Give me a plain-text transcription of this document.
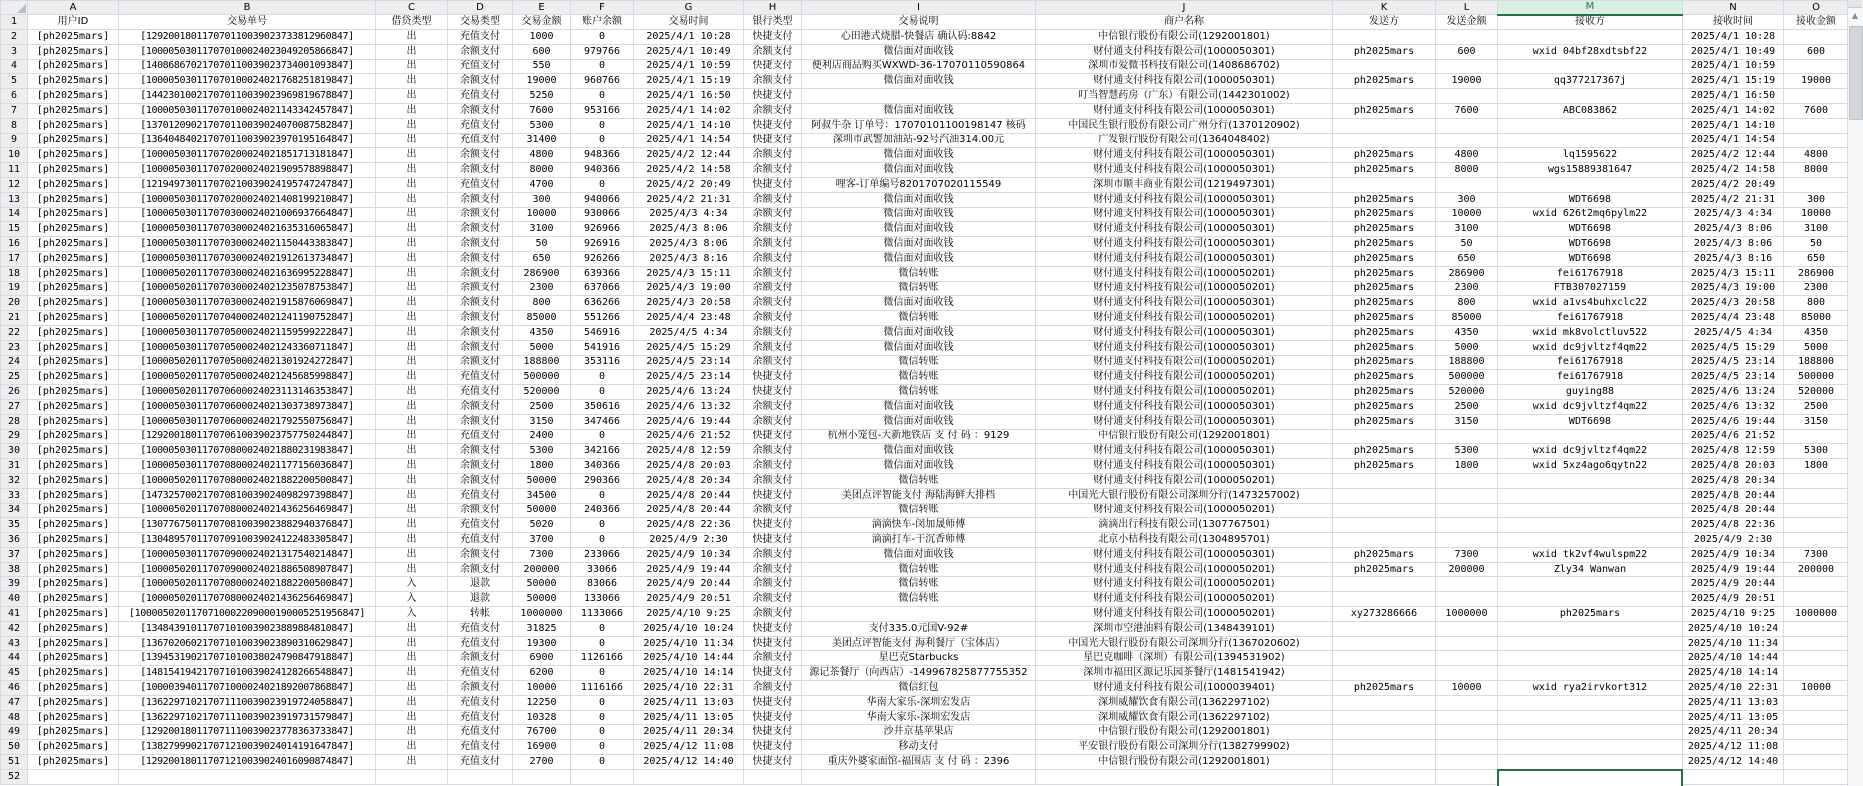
	A	B	C	D	E	F	G	H	I	J	K	L	M	N	O
1	用户ID	交易单号	借贷类型	交易类型	交易金额	账户余额	交易时间	银行类型	交易说明	商户名称	发送方	发送金额	接收方	接收时间	接收金额
2	[ph2025mars]	[129200180117070110039023733812960847]	出	充值支付	1000	0	2025/4/1 10:28	快捷支付	心田港式烧腊-快餐店 确认码:8842	中信银行股份有限公司(1292001801)				2025/4/1 10:28	
3	[ph2025mars]	[100005030117070100024023049205866847]	出	余额支付	600	979766	2025/4/1 10:49	余额支付	微信面对面收钱	财付通支付科技有限公司(1000050301)	ph2025mars	600	wxid 04bf28xdtsbf22	2025/4/1 10:49	600
4	[ph2025mars]	[140868670217070110039023734001093847]	出	充值支付	550	0	2025/4/1 10:59	快捷支付	便利店商品购买WXWD-36-17070110590864	深圳市爱微书科技有限公司(1408686702)				2025/4/1 10:59	
5	[ph2025mars]	[100005030117070100024021768251819847]	出	余额支付	19000	960766	2025/4/1 15:19	余额支付	微信面对面收钱	财付通支付科技有限公司(1000050301)	ph2025mars	19000	qq377217367j	2025/4/1 15:19	19000
6	[ph2025mars]	[144230100217070110039023969819678847]	出	充值支付	5250	0	2025/4/1 16:50	快捷支付		叮当智慧药房（广东）有限公司(1442301002)				2025/4/1 16:50	
7	[ph2025mars]	[100005030117070100024021143342457847]	出	余额支付	7600	953166	2025/4/1 14:02	余额支付	微信面对面收钱	财付通支付科技有限公司(1000050301)	ph2025mars	7600	ABC083862	2025/4/1 14:02	7600
8	[ph2025mars]	[137012090217070110039024070087582847]	出	充值支付	5300	0	2025/4/1 14:10	快捷支付	阿叔牛杂 订单号：17070101100198147 核码	中国民生银行股份有限公司广州分行(1370120902)				2025/4/1 14:10	
9	[ph2025mars]	[136404840217070110039023970195164847]	出	充值支付	31400	0	2025/4/1 14:54	快捷支付	深圳市武警加油站-92号汽油314.00元	广发银行股份有限公司(1364048402)				2025/4/1 14:54	
10	[ph2025mars]	[100005030117070200024021851713181847]	出	余额支付	4800	948366	2025/4/2 12:44	余额支付	微信面对面收钱	财付通支付科技有限公司(1000050301)	ph2025mars	4800	lq1595622	2025/4/2 12:44	4800
11	[ph2025mars]	[100005030117070200024021909578898847]	出	余额支付	8000	940366	2025/4/2 14:58	余额支付	微信面对面收钱	财付通支付科技有限公司(1000050301)	ph2025mars	8000	wgs15889381647	2025/4/2 14:58	8000
12	[ph2025mars]	[121949730117070210039024195747247847]	出	充值支付	4700	0	2025/4/2 20:49	快捷支付	哩客-订单编号8201707020115549	深圳市顺丰商业有限公司(1219497301)				2025/4/2 20:49	
13	[ph2025mars]	[100005030117070200024021408199210847]	出	余额支付	300	940066	2025/4/2 21:31	余额支付	微信面对面收钱	财付通支付科技有限公司(1000050301)	ph2025mars	300	WDT6698	2025/4/2 21:31	300
14	[ph2025mars]	[100005030117070300024021006937664847]	出	余额支付	10000	930066	2025/4/3 4:34	余额支付	微信面对面收钱	财付通支付科技有限公司(1000050301)	ph2025mars	10000	wxid 626t2mq6pylm22	2025/4/3 4:34	10000
15	[ph2025mars]	[100005030117070300024021635316065847]	出	余额支付	3100	926966	2025/4/3 8:06	余额支付	微信面对面收钱	财付通支付科技有限公司(1000050301)	ph2025mars	3100	WDT6698	2025/4/3 8:06	3100
16	[ph2025mars]	[100005030117070300024021150443383847]	出	余额支付	50	926916	2025/4/3 8:06	余额支付	微信面对面收钱	财付通支付科技有限公司(1000050301)	ph2025mars	50	WDT6698	2025/4/3 8:06	50
17	[ph2025mars]	[100005030117070300024021912613734847]	出	余额支付	650	926266	2025/4/3 8:16	余额支付	微信面对面收钱	财付通支付科技有限公司(1000050301)	ph2025mars	650	WDT6698	2025/4/3 8:16	650
18	[ph2025mars]	[100005020117070300024021636995228847]	出	余额支付	286900	639366	2025/4/3 15:11	余额支付	微信转账	财付通支付科技有限公司(1000050201)	ph2025mars	286900	fei61767918	2025/4/3 15:11	286900
19	[ph2025mars]	[100005020117070300024021235078753847]	出	余额支付	2300	637066	2025/4/3 19:00	余额支付	微信转账	财付通支付科技有限公司(1000050201)	ph2025mars	2300	FTB307027159	2025/4/3 19:00	2300
20	[ph2025mars]	[100005030117070300024021915876069847]	出	余额支付	800	636266	2025/4/3 20:58	余额支付	微信面对面收钱	财付通支付科技有限公司(1000050301)	ph2025mars	800	wxid a1vs4buhxclc22	2025/4/3 20:58	800
21	[ph2025mars]	[100005020117070400024021241190752847]	出	余额支付	85000	551266	2025/4/4 23:48	余额支付	微信转账	财付通支付科技有限公司(1000050201)	ph2025mars	85000	fei61767918	2025/4/4 23:48	85000
22	[ph2025mars]	[100005030117070500024021159599222847]	出	余额支付	4350	546916	2025/4/5 4:34	余额支付	微信面对面收钱	财付通支付科技有限公司(1000050301)	ph2025mars	4350	wxid mk8volctluv522	2025/4/5 4:34	4350
23	[ph2025mars]	[100005030117070500024021243360711847]	出	余额支付	5000	541916	2025/4/5 15:29	余额支付	微信面对面收钱	财付通支付科技有限公司(1000050301)	ph2025mars	5000	wxid dc9jvltzf4qm22	2025/4/5 15:29	5000
24	[ph2025mars]	[100005020117070500024021301924272847]	出	余额支付	188800	353116	2025/4/5 23:14	余额支付	微信转账	财付通支付科技有限公司(1000050201)	ph2025mars	188800	fei61767918	2025/4/5 23:14	188800
25	[ph2025mars]	[100005020117070500024021245685998847]	出	充值支付	500000	0	2025/4/5 23:14	快捷支付	微信转账	财付通支付科技有限公司(1000050201)	ph2025mars	500000	fei61767918	2025/4/5 23:14	500000
26	[ph2025mars]	[100005020117070600024023113146353847]	出	充值支付	520000	0	2025/4/6 13:24	快捷支付	微信转账	财付通支付科技有限公司(1000050201)	ph2025mars	520000	guying88	2025/4/6 13:24	520000
27	[ph2025mars]	[100005030117070600024021303738973847]	出	余额支付	2500	350616	2025/4/6 13:32	余额支付	微信面对面收钱	财付通支付科技有限公司(1000050301)	ph2025mars	2500	wxid dc9jvltzf4qm22	2025/4/6 13:32	2500
28	[ph2025mars]	[100005030117070600024021792550756847]	出	余额支付	3150	347466	2025/4/6 19:44	余额支付	微信面对面收钱	财付通支付科技有限公司(1000050301)	ph2025mars	3150	WDT6698	2025/4/6 19:44	3150
29	[ph2025mars]	[129200180117070610039023757750244847]	出	充值支付	2400	0	2025/4/6 21:52	快捷支付	杭州小笼包-大新地铁店 支 付 码 ：9129	中信银行股份有限公司(1292001801)				2025/4/6 21:52	
30	[ph2025mars]	[100005030117070800024021880231983847]	出	余额支付	5300	342166	2025/4/8 12:59	余额支付	微信面对面收钱	财付通支付科技有限公司(1000050301)	ph2025mars	5300	wxid dc9jvltzf4qm22	2025/4/8 12:59	5300
31	[ph2025mars]	[100005030117070800024021177156036847]	出	余额支付	1800	340366	2025/4/8 20:03	余额支付	微信面对面收钱	财付通支付科技有限公司(1000050301)	ph2025mars	1800	wxid 5xz4ago6qytn22	2025/4/8 20:03	1800
32	[ph2025mars]	[100005020117070800024021882200500847]	出	余额支付	50000	290366	2025/4/8 20:34	余额支付	微信转账	财付通支付科技有限公司(1000050201)				2025/4/8 20:34	
33	[ph2025mars]	[147325700217070810039024098297398847]	出	充值支付	34500	0	2025/4/8 20:44	快捷支付	美团点评智能支付 海陆海鲜大排档	中国光大银行股份有限公司深圳分行(1473257002)				2025/4/8 20:44	
34	[ph2025mars]	[100005020117070800024021436256469847]	出	余额支付	50000	240366	2025/4/8 20:44	余额支付	微信转账	财付通支付科技有限公司(1000050201)				2025/4/8 20:44	
35	[ph2025mars]	[130776750117070810039023882940376847]	出	充值支付	5020	0	2025/4/8 22:36	快捷支付	滴滴快车-闵加晟师傅	滴滴出行科技有限公司(1307767501)				2025/4/8 22:36	
36	[ph2025mars]	[130489570117070910039024122483305847]	出	充值支付	3700	0	2025/4/9 2:30	快捷支付	滴滴打车-干沉香师傅	北京小桔科技有限公司(1304895701)				2025/4/9 2:30	
37	[ph2025mars]	[100005030117070900024021317540214847]	出	余额支付	7300	233066	2025/4/9 10:34	余额支付	微信面对面收钱	财付通支付科技有限公司(1000050301)	ph2025mars	7300	wxid tk2vf4wulspm22	2025/4/9 10:34	7300
38	[ph2025mars]	[100005020117070900024021886508907847]	出	余额支付	200000	33066	2025/4/9 19:44	余额支付	微信转账	财付通支付科技有限公司(1000050201)	ph2025mars	200000	Zly34 Wanwan	2025/4/9 19:44	200000
39	[ph2025mars]	[100005020117070800024021882200500847]	入	退款	50000	83066	2025/4/9 20:44	余额支付	微信转账	财付通支付科技有限公司(1000050201)				2025/4/9 20:44	
40	[ph2025mars]	[100005020117070800024021436256469847]	入	退款	50000	133066	2025/4/9 20:51	余额支付	微信转账	财付通支付科技有限公司(1000050201)				2025/4/9 20:51	
41	[ph2025mars]	[1000050201170710002209000190005251956847]	入	转帐	1000000	1133066	2025/4/10 9:25	余额支付		财付通支付科技有限公司(1000050201)	xy273286666	1000000	ph2025mars	2025/4/10 9:25	1000000
42	[ph2025mars]	[134843910117071010039023889884810847]	出	充值支付	31825	0	2025/4/10 10:24	快捷支付	支付335.0元国V-92#	深圳市空港油料有限公司(1348439101)				2025/4/10 10:24	
43	[ph2025mars]	[136702060217071010039023890310629847]	出	充值支付	19300	0	2025/4/10 11:34	快捷支付	美团点评智能支付 海利餐厅（宝体店）	中国光大银行股份有限公司深圳分行(1367020602)				2025/4/10 11:34	
44	[ph2025mars]	[139453190217071010038024790847918847]	出	余额支付	6900	1126166	2025/4/10 14:44	余额支付	星巴克Starbucks	星巴克咖啡（深圳）有限公司(1394531902)				2025/4/10 14:44	
45	[ph2025mars]	[148154194217071010039024128266548847]	出	充值支付	6200	0	2025/4/10 14:14	快捷支付	源记茶餐厅（向西店）-149967825877755352	深圳市福田区源记乐园茶餐厅(1481541942)				2025/4/10 14:14	
46	[ph2025mars]	[100003940117071000024021892007868847]	出	余额支付	10000	1116166	2025/4/10 22:31	余额支付	微信红包	财付通支付科技有限公司(1000039401)	ph2025mars	10000	wxid rya2irvkort312	2025/4/10 22:31	10000
47	[ph2025mars]	[136229710217071110039023919724058847]	出	充值支付	12250	0	2025/4/11 13:03	快捷支付	华南大家乐-深圳宏发店	深圳威耀饮食有限公司(1362297102)				2025/4/11 13:03	
48	[ph2025mars]	[136229710217071110039023919731579847]	出	充值支付	10328	0	2025/4/11 13:05	快捷支付	华南大家乐-深圳宏发店	深圳威耀饮食有限公司(1362297102)				2025/4/11 13:05	
49	[ph2025mars]	[129200180117071110039023778363733847]	出	充值支付	76700	0	2025/4/11 20:34	快捷支付	沙井京基苹果店	中信银行股份有限公司(1292001801)				2025/4/11 20:34	
50	[ph2025mars]	[138279990217071210039024014191647847]	出	充值支付	16900	0	2025/4/12 11:08	快捷支付	移动支付	平安银行股份有限公司深圳分行(1382799902)				2025/4/12 11:08	
51	[ph2025mars]	[129200180117071210039024016090874847]	出	充值支付	2700	0	2025/4/12 14:40	快捷支付	重庆外婆家面馆-福围店 支 付 码 ：2396	中信银行股份有限公司(1292001801)				2025/4/12 14:40	
52															
▲
